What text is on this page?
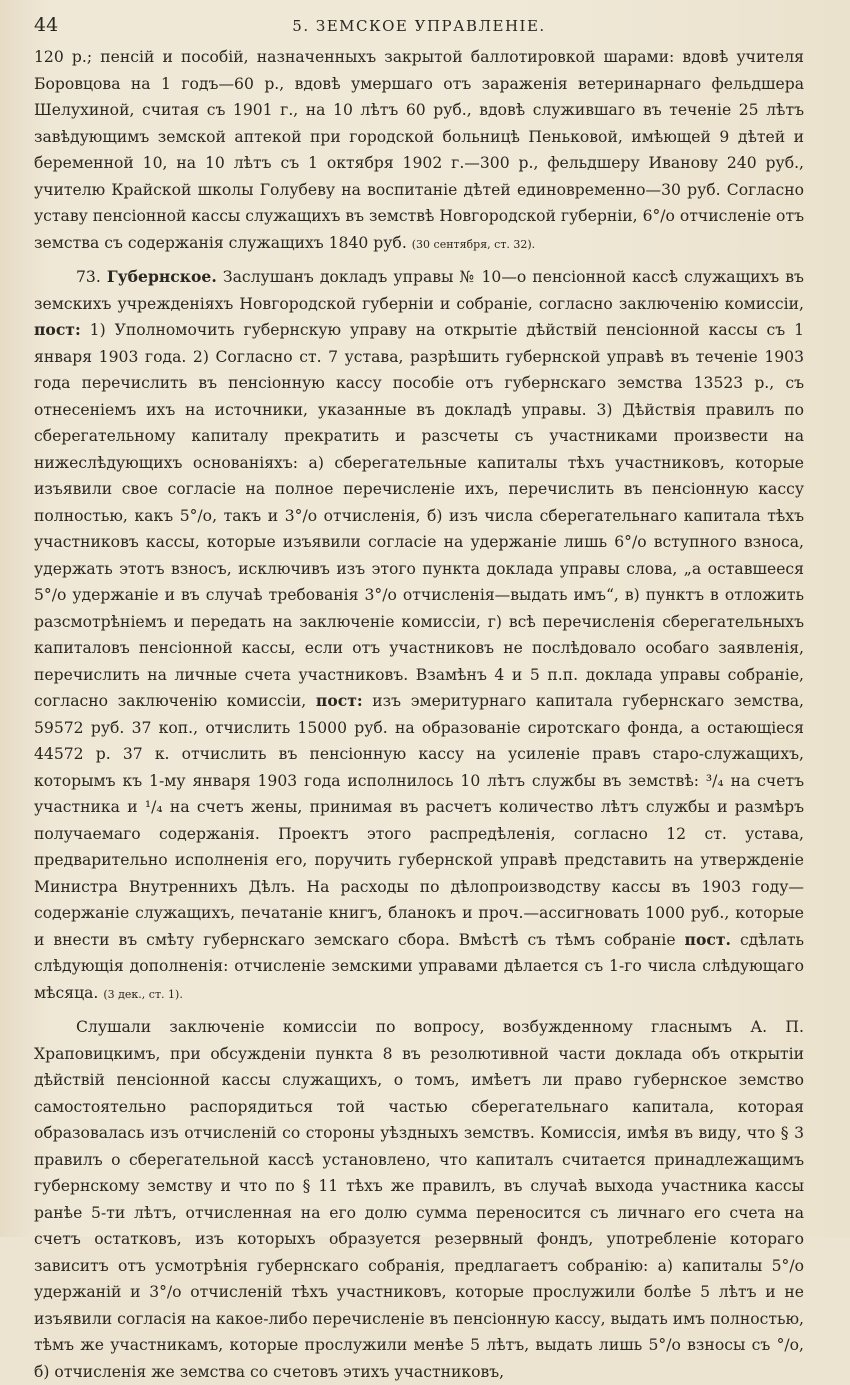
44	5. ЗЕМСКОЕ УПРАВЛЕНІЕ.

120 р.; пенсій и пособій, назначенныхъ закрытой баллотировкой шарами: вдовѣ учителя Боровцова на 1 годъ—60 р., вдовѣ умершаго отъ зараженія ветеринарнаго фельдшера Шелухиной, считая съ 1901 г., на 10 лѣтъ 60 руб., вдовѣ служившаго въ теченіе 25 лѣтъ завѣдующимъ земской аптекой при городской больницѣ Пеньковой, имѣющей 9 дѣтей и беременной 10, на 10 лѣтъ съ 1 октября 1902 г.—300 р., фельдшеру Иванову 240 руб., учителю Крайской школы Голубеву на воспитаніе дѣтей единовременно—30 руб. Согласно уставу пенсіонной кассы служащихъ въ земствѣ Новгородской губерніи, 6°/о отчисленіе отъ земства съ содержанія служащихъ 1840 руб. (30 сентября, ст. 32).

73. Губернское. Заслушанъ докладъ управы № 10—о пенсіонной кассѣ служащихъ въ земскихъ учрежденіяхъ Новгородской губерніи и собраніе, согласно заключенію комиссіи, пост: 1) Уполномочить губернскую управу на открытіе дѣйствій пенсіонной кассы съ 1 января 1903 года. 2) Согласно ст. 7 устава, разрѣшить губернской управѣ въ теченіе 1903 года перечислить въ пенсіонную кассу пособіе отъ губернскаго земства 13523 р., съ отнесеніемъ ихъ на источники, указанные въ докладѣ управы. 3) Дѣйствія правилъ по сберегательному капиталу прекратить и разсчеты съ участниками произвести на нижеслѣдующихъ основаніяхъ: а) сберегательные капиталы тѣхъ участниковъ, которые изъявили свое согласіе на полное перечисленіе ихъ, перечислить въ пенсіонную кассу полностью, какъ 5°/о, такъ и 3°/о отчисленія, б) изъ числа сберегательнаго капитала тѣхъ участниковъ кассы, которые изъявили согласіе на удержаніе лишь 6°/о вступного взноса, удержать этотъ взносъ, исключивъ изъ этого пункта доклада управы слова, „а оставшееся 5°/о удержаніе и въ случаѣ требованія 3°/о отчисленія—выдать имъ“, в) пунктъ в отложить разсмотрѣніемъ и передать на заключеніе комиссіи, г) всѣ перечисленія сберегательныхъ капиталовъ пенсіонной кассы, если отъ участниковъ не послѣдовало особаго заявленія, перечислить на личные счета участниковъ. Взамѣнъ 4 и 5 п.п. доклада управы собраніе, согласно заключенію комиссіи, пост: изъ эмеритурнаго капитала губернскаго земства, 59572 руб. 37 коп., отчислить 15000 руб. на образованіе сиротскаго фонда, а остающіеся 44572 р. 37 к. отчислить въ пенсіонную кассу на усиленіе правъ старо-служащихъ, которымъ къ 1-му января 1903 года исполнилось 10 лѣтъ службы въ земствѣ: ³/₄ на счетъ участника и ¹/₄ на счетъ жены, принимая въ расчетъ количество лѣтъ службы и размѣръ получаемаго содержанія. Проектъ этого распредѣленія, согласно 12 ст. устава, предварительно исполненія его, поручить губернской управѣ представить на утвержденіе Министра Внутреннихъ Дѣлъ. На расходы по дѣлопроизводству кассы въ 1903 году—содержаніе служащихъ, печатаніе книгъ, бланокъ и проч.—ассигновать 1000 руб., которые и внести въ смѣту губернскаго земскаго сбора. Вмѣстѣ съ тѣмъ собраніе пост. сдѣлать слѣдующія дополненія: отчисленіе земскими управами дѣлается съ 1-го числа слѣдующаго мѣсяца. (3 дек., ст. 1).

Слушали заключеніе комиссіи по вопросу, возбужденному гласнымъ А. П. Храповицкимъ, при обсужденіи пункта 8 въ резолютивной части доклада объ открытіи дѣйствій пенсіонной кассы служащихъ, о томъ, имѣетъ ли право губернское земство самостоятельно распорядиться той частью сберегательнаго капитала, которая образовалась изъ отчисленій со стороны уѣздныхъ земствъ. Комиссія, имѣя въ виду, что § 3 правилъ о сберегательной кассѣ установлено, что капиталъ считается принадлежащимъ губернскому земству и что по § 11 тѣхъ же правилъ, въ случаѣ выхода участника кассы ранѣе 5-ти лѣтъ, отчисленная на его долю сумма переносится съ личнаго его счета на счетъ остатковъ, изъ которыхъ образуется резервный фондъ, употребленіе котораго зависитъ отъ усмотрѣнія губернскаго собранія, предлагаетъ собранію: а) капиталы 5°/о удержаній и 3°/о отчисленій тѣхъ участниковъ, которые прослужили болѣе 5 лѣтъ и не изъявили согласія на какое-либо перечисленіе въ пенсіонную кассу, выдать имъ полностью, тѣмъ же участникамъ, которые прослужили менѣе 5 лѣтъ, выдать лишь 5°/о взносы съ °/о, б) отчисленія же земства со счетовъ этихъ участниковъ,
